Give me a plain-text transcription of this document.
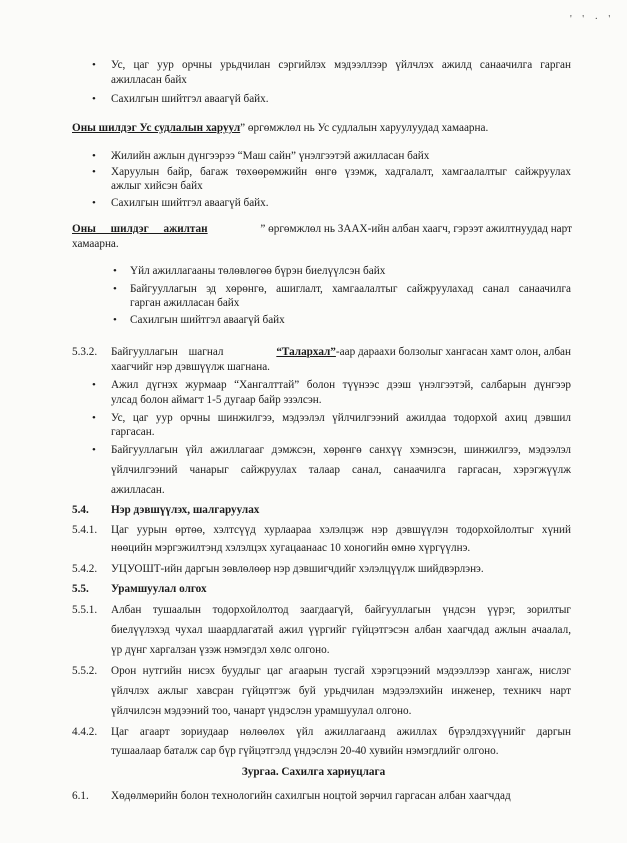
' ' · '
• Ус, цаг уур орчны урьдчилан сэргийлэх мэдээллээр үйлчлэх ажилд санаачилга гарган
ажилласан байх
• Сахилгын шийтгэл аваагүй байх.
Оны шилдэг Ус судлалын харуул” өргөмжлөл нь Ус судлалын харуулуудад хамаарна.
• Жилийн ажлын дүнгээрээ “Маш сайн” үнэлгээтэй ажилласан байх
• Харуулын байр, багаж төхөөрөмжийн өнгө үзэмж, хадгалалт, хамгаалалтыг сайжруулах
ажлыг хийсэн байх
• Сахилгын шийтгэл аваагүй байх.
Оны шилдэг ажилтан	” өргөмжлөл нь ЗААХ-ийн албан хаагч, гэрээт ажилтнуудад нарт
хамаарна.
• Үйл ажиллагааны төлөвлөгөө бүрэн биелүүлсэн байх
• Байгууллагын эд хөрөнгө, ашиглалт, хамгаалалтыг сайжруулахад санал санаачилга
гарган ажилласан байх
• Сахилгын шийтгэл аваагүй байх
5.3.2. Байгууллагын шагнал	“Талархал”-аар дараахи болзолыг хангасан хамт олон, албан
хаагчийг нэр дэвшүүлж шагнана.
• Ажил дүгнэх журмаар “Хангалттай” болон түүнээс дээш үнэлгээтэй, салбарын дүнгээр
улсад болон аймагт 1-5 дугаар байр эзэлсэн.
• Ус, цаг уур орчны шинжилгээ, мэдээлэл үйлчилгээний ажилдаа тодорхой ахиц дэвшил
гаргасан.
• Байгууллагын үйл ажиллагааг дэмжсэн, хөрөнгө санхүү хэмнэсэн, шинжилгээ, мэдээлэл
үйлчилгээний чанарыг сайжруулах талаар санал, санаачилга гаргасан, хэрэгжүүлж
ажилласан.
5.4. Нэр дэвшүүлэх, шалгаруулах
5.4.1. Цаг уурын өртөө, хэлтсүүд хурлаараа хэлэлцэж нэр дэвшүүлэн тодорхойлолтыг хүний
нөөцийн мэргэжилтэнд хэлэлцэх хугацаанаас 10 хоногийн өмнө хүргүүлнэ.
5.4.2. УЦУОШТ-ийн даргын зөвлөлөөр нэр дэвшигчдийг хэлэлцүүлж шийдвэрлэнэ.
5.5. Урамшуулал олгох
5.5.1. Албан тушаалын тодорхойлолтод заагдаагүй, байгууллагын үндсэн үүрэг, зорилтыг
биелүүлэхэд чухал шаардлагатай ажил үүргийг гүйцэтгэсэн албан хаагчдад ажлын ачаалал,
үр дүнг харгалзан үзэж нэмэгдэл хөлс олгоно.
5.5.2. Орон нутгийн нисэх буудлыг цаг агаарын тусгай хэрэгцээний мэдээллээр хангаж, нислэг
үйлчлэх ажлыг хавсран гүйцэтгэж буй урьдчилан мэдээлэхийн инженер, техникч нарт
үйлчилсэн мэдээний тоо, чанарт үндэслэн урамшуулал олгоно.
4.4.2. Цаг агаарт зориудаар нөлөөлөх үйл ажиллагаанд ажиллах бүрэлдэхүүнийг даргын
тушаалаар баталж сар бүр гүйцэтгэлд үндэслэн 20-40 хувийн нэмэгдлийг олгоно.
Зургаа. Сахилга хариуцлага
6.1. Хөдөлмөрийн болон технологийн сахилгын ноцтой зөрчил гаргасан албан хаагчдад
